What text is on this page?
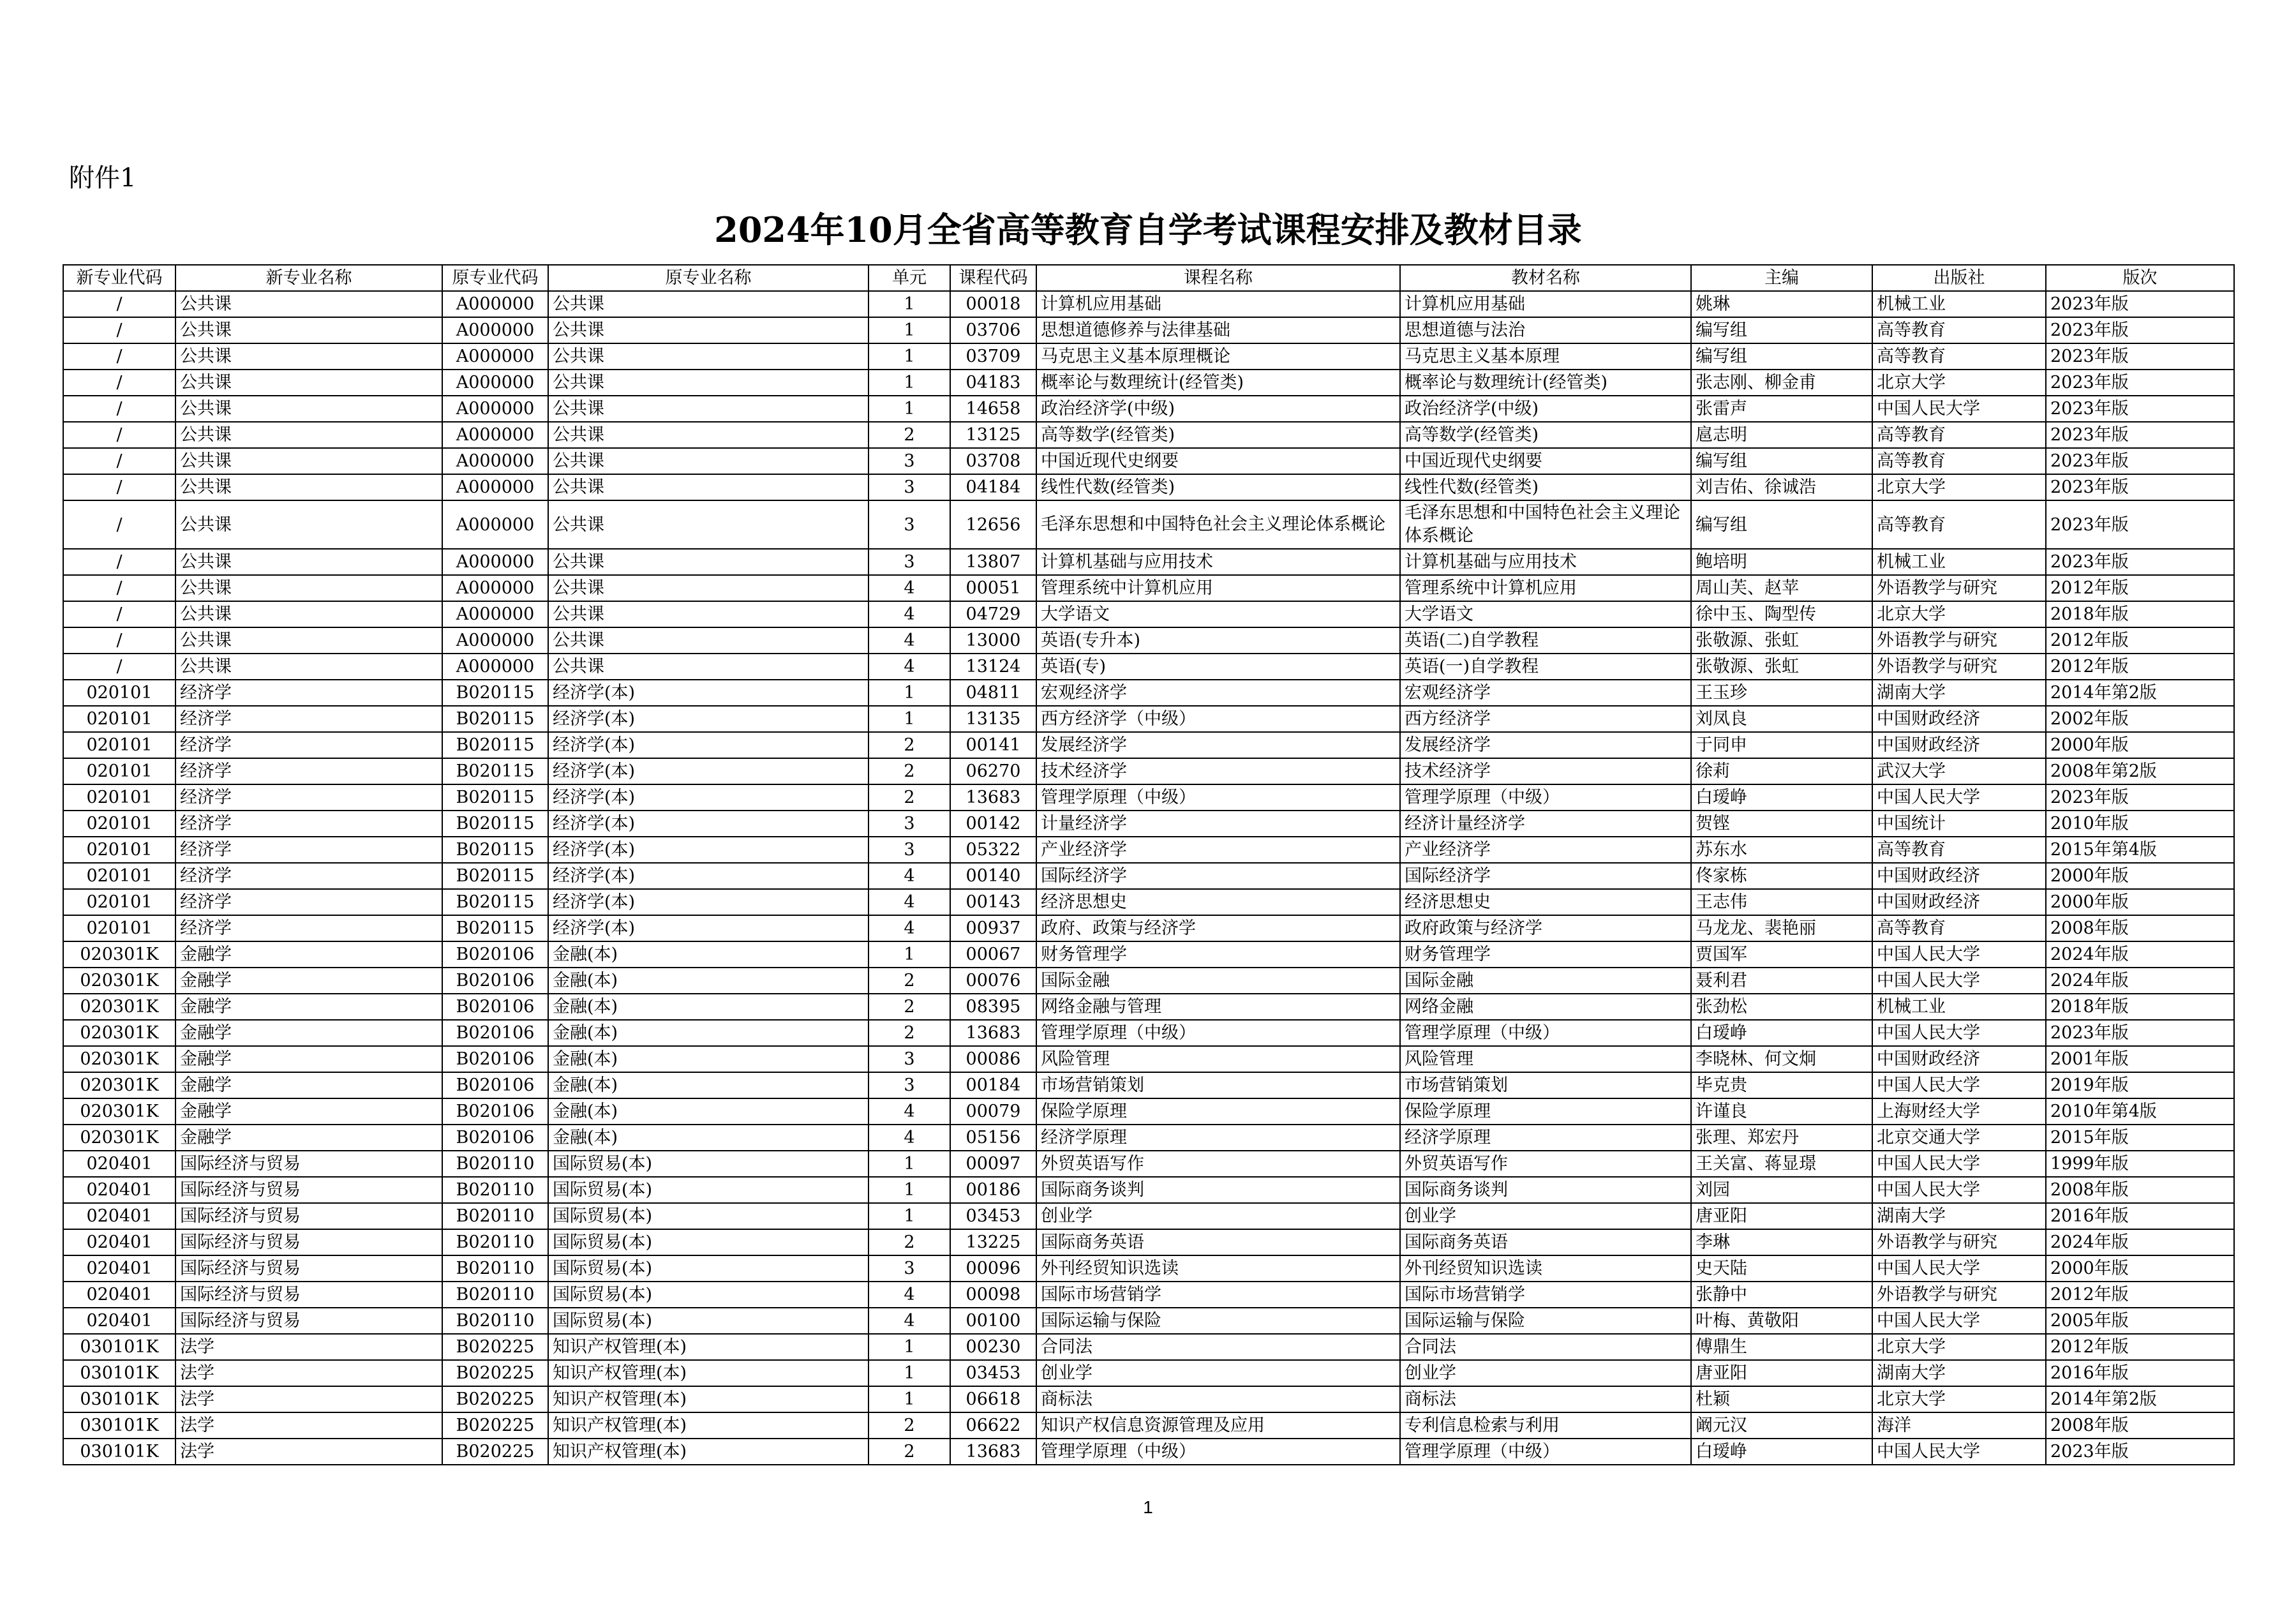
附件1
2024年10月全省高等教育自学考试课程安排及教材目录
新专业代码	新专业名称	原专业代码	原专业名称	单元	课程代码	课程名称	教材名称	主编	出版社	版次
/	公共课	A000000	公共课	1	00018	计算机应用基础	计算机应用基础	姚琳	机械工业	2023年版
/	公共课	A000000	公共课	1	03706	思想道德修养与法律基础	思想道德与法治	编写组	高等教育	2023年版
/	公共课	A000000	公共课	1	03709	马克思主义基本原理概论	马克思主义基本原理	编写组	高等教育	2023年版
/	公共课	A000000	公共课	1	04183	概率论与数理统计(经管类)	概率论与数理统计(经管类)	张志刚、柳金甫	北京大学	2023年版
/	公共课	A000000	公共课	1	14658	政治经济学(中级)	政治经济学(中级)	张雷声	中国人民大学	2023年版
/	公共课	A000000	公共课	2	13125	高等数学(经管类)	高等数学(经管类)	扈志明	高等教育	2023年版
/	公共课	A000000	公共课	3	03708	中国近现代史纲要	中国近现代史纲要	编写组	高等教育	2023年版
/	公共课	A000000	公共课	3	04184	线性代数(经管类)	线性代数(经管类)	刘吉佑、徐诚浩	北京大学	2023年版
/	公共课	A000000	公共课	3	12656	毛泽东思想和中国特色社会主义理论体系概论	毛泽东思想和中国特色社会主义理论体系概论	编写组	高等教育	2023年版
/	公共课	A000000	公共课	3	13807	计算机基础与应用技术	计算机基础与应用技术	鲍培明	机械工业	2023年版
/	公共课	A000000	公共课	4	00051	管理系统中计算机应用	管理系统中计算机应用	周山芙、赵苹	外语教学与研究	2012年版
/	公共课	A000000	公共课	4	04729	大学语文	大学语文	徐中玉、陶型传	北京大学	2018年版
/	公共课	A000000	公共课	4	13000	英语(专升本)	英语(二)自学教程	张敬源、张虹	外语教学与研究	2012年版
/	公共课	A000000	公共课	4	13124	英语(专)	英语(一)自学教程	张敬源、张虹	外语教学与研究	2012年版
020101	经济学	B020115	经济学(本)	1	04811	宏观经济学	宏观经济学	王玉珍	湖南大学	2014年第2版
020101	经济学	B020115	经济学(本)	1	13135	西方经济学（中级）	西方经济学	刘凤良	中国财政经济	2002年版
020101	经济学	B020115	经济学(本)	2	00141	发展经济学	发展经济学	于同申	中国财政经济	2000年版
020101	经济学	B020115	经济学(本)	2	06270	技术经济学	技术经济学	徐莉	武汉大学	2008年第2版
020101	经济学	B020115	经济学(本)	2	13683	管理学原理（中级）	管理学原理（中级）	白瑷峥	中国人民大学	2023年版
020101	经济学	B020115	经济学(本)	3	00142	计量经济学	经济计量经济学	贺铿	中国统计	2010年版
020101	经济学	B020115	经济学(本)	3	05322	产业经济学	产业经济学	苏东水	高等教育	2015年第4版
020101	经济学	B020115	经济学(本)	4	00140	国际经济学	国际经济学	佟家栋	中国财政经济	2000年版
020101	经济学	B020115	经济学(本)	4	00143	经济思想史	经济思想史	王志伟	中国财政经济	2000年版
020101	经济学	B020115	经济学(本)	4	00937	政府、政策与经济学	政府政策与经济学	马龙龙、裴艳丽	高等教育	2008年版
020301K	金融学	B020106	金融(本)	1	00067	财务管理学	财务管理学	贾国军	中国人民大学	2024年版
020301K	金融学	B020106	金融(本)	2	00076	国际金融	国际金融	聂利君	中国人民大学	2024年版
020301K	金融学	B020106	金融(本)	2	08395	网络金融与管理	网络金融	张劲松	机械工业	2018年版
020301K	金融学	B020106	金融(本)	2	13683	管理学原理（中级）	管理学原理（中级）	白瑷峥	中国人民大学	2023年版
020301K	金融学	B020106	金融(本)	3	00086	风险管理	风险管理	李晓林、何文炯	中国财政经济	2001年版
020301K	金融学	B020106	金融(本)	3	00184	市场营销策划	市场营销策划	毕克贵	中国人民大学	2019年版
020301K	金融学	B020106	金融(本)	4	00079	保险学原理	保险学原理	许谨良	上海财经大学	2010年第4版
020301K	金融学	B020106	金融(本)	4	05156	经济学原理	经济学原理	张理、郑宏丹	北京交通大学	2015年版
020401	国际经济与贸易	B020110	国际贸易(本)	1	00097	外贸英语写作	外贸英语写作	王关富、蒋显璟	中国人民大学	1999年版
020401	国际经济与贸易	B020110	国际贸易(本)	1	00186	国际商务谈判	国际商务谈判	刘园	中国人民大学	2008年版
020401	国际经济与贸易	B020110	国际贸易(本)	1	03453	创业学	创业学	唐亚阳	湖南大学	2016年版
020401	国际经济与贸易	B020110	国际贸易(本)	2	13225	国际商务英语	国际商务英语	李琳	外语教学与研究	2024年版
020401	国际经济与贸易	B020110	国际贸易(本)	3	00096	外刊经贸知识选读	外刊经贸知识选读	史天陆	中国人民大学	2000年版
020401	国际经济与贸易	B020110	国际贸易(本)	4	00098	国际市场营销学	国际市场营销学	张静中	外语教学与研究	2012年版
020401	国际经济与贸易	B020110	国际贸易(本)	4	00100	国际运输与保险	国际运输与保险	叶梅、黄敬阳	中国人民大学	2005年版
030101K	法学	B020225	知识产权管理(本)	1	00230	合同法	合同法	傅鼎生	北京大学	2012年版
030101K	法学	B020225	知识产权管理(本)	1	03453	创业学	创业学	唐亚阳	湖南大学	2016年版
030101K	法学	B020225	知识产权管理(本)	1	06618	商标法	商标法	杜颖	北京大学	2014年第2版
030101K	法学	B020225	知识产权管理(本)	2	06622	知识产权信息资源管理及应用	专利信息检索与利用	阚元汉	海洋	2008年版
030101K	法学	B020225	知识产权管理(本)	2	13683	管理学原理（中级）	管理学原理（中级）	白瑷峥	中国人民大学	2023年版
1
